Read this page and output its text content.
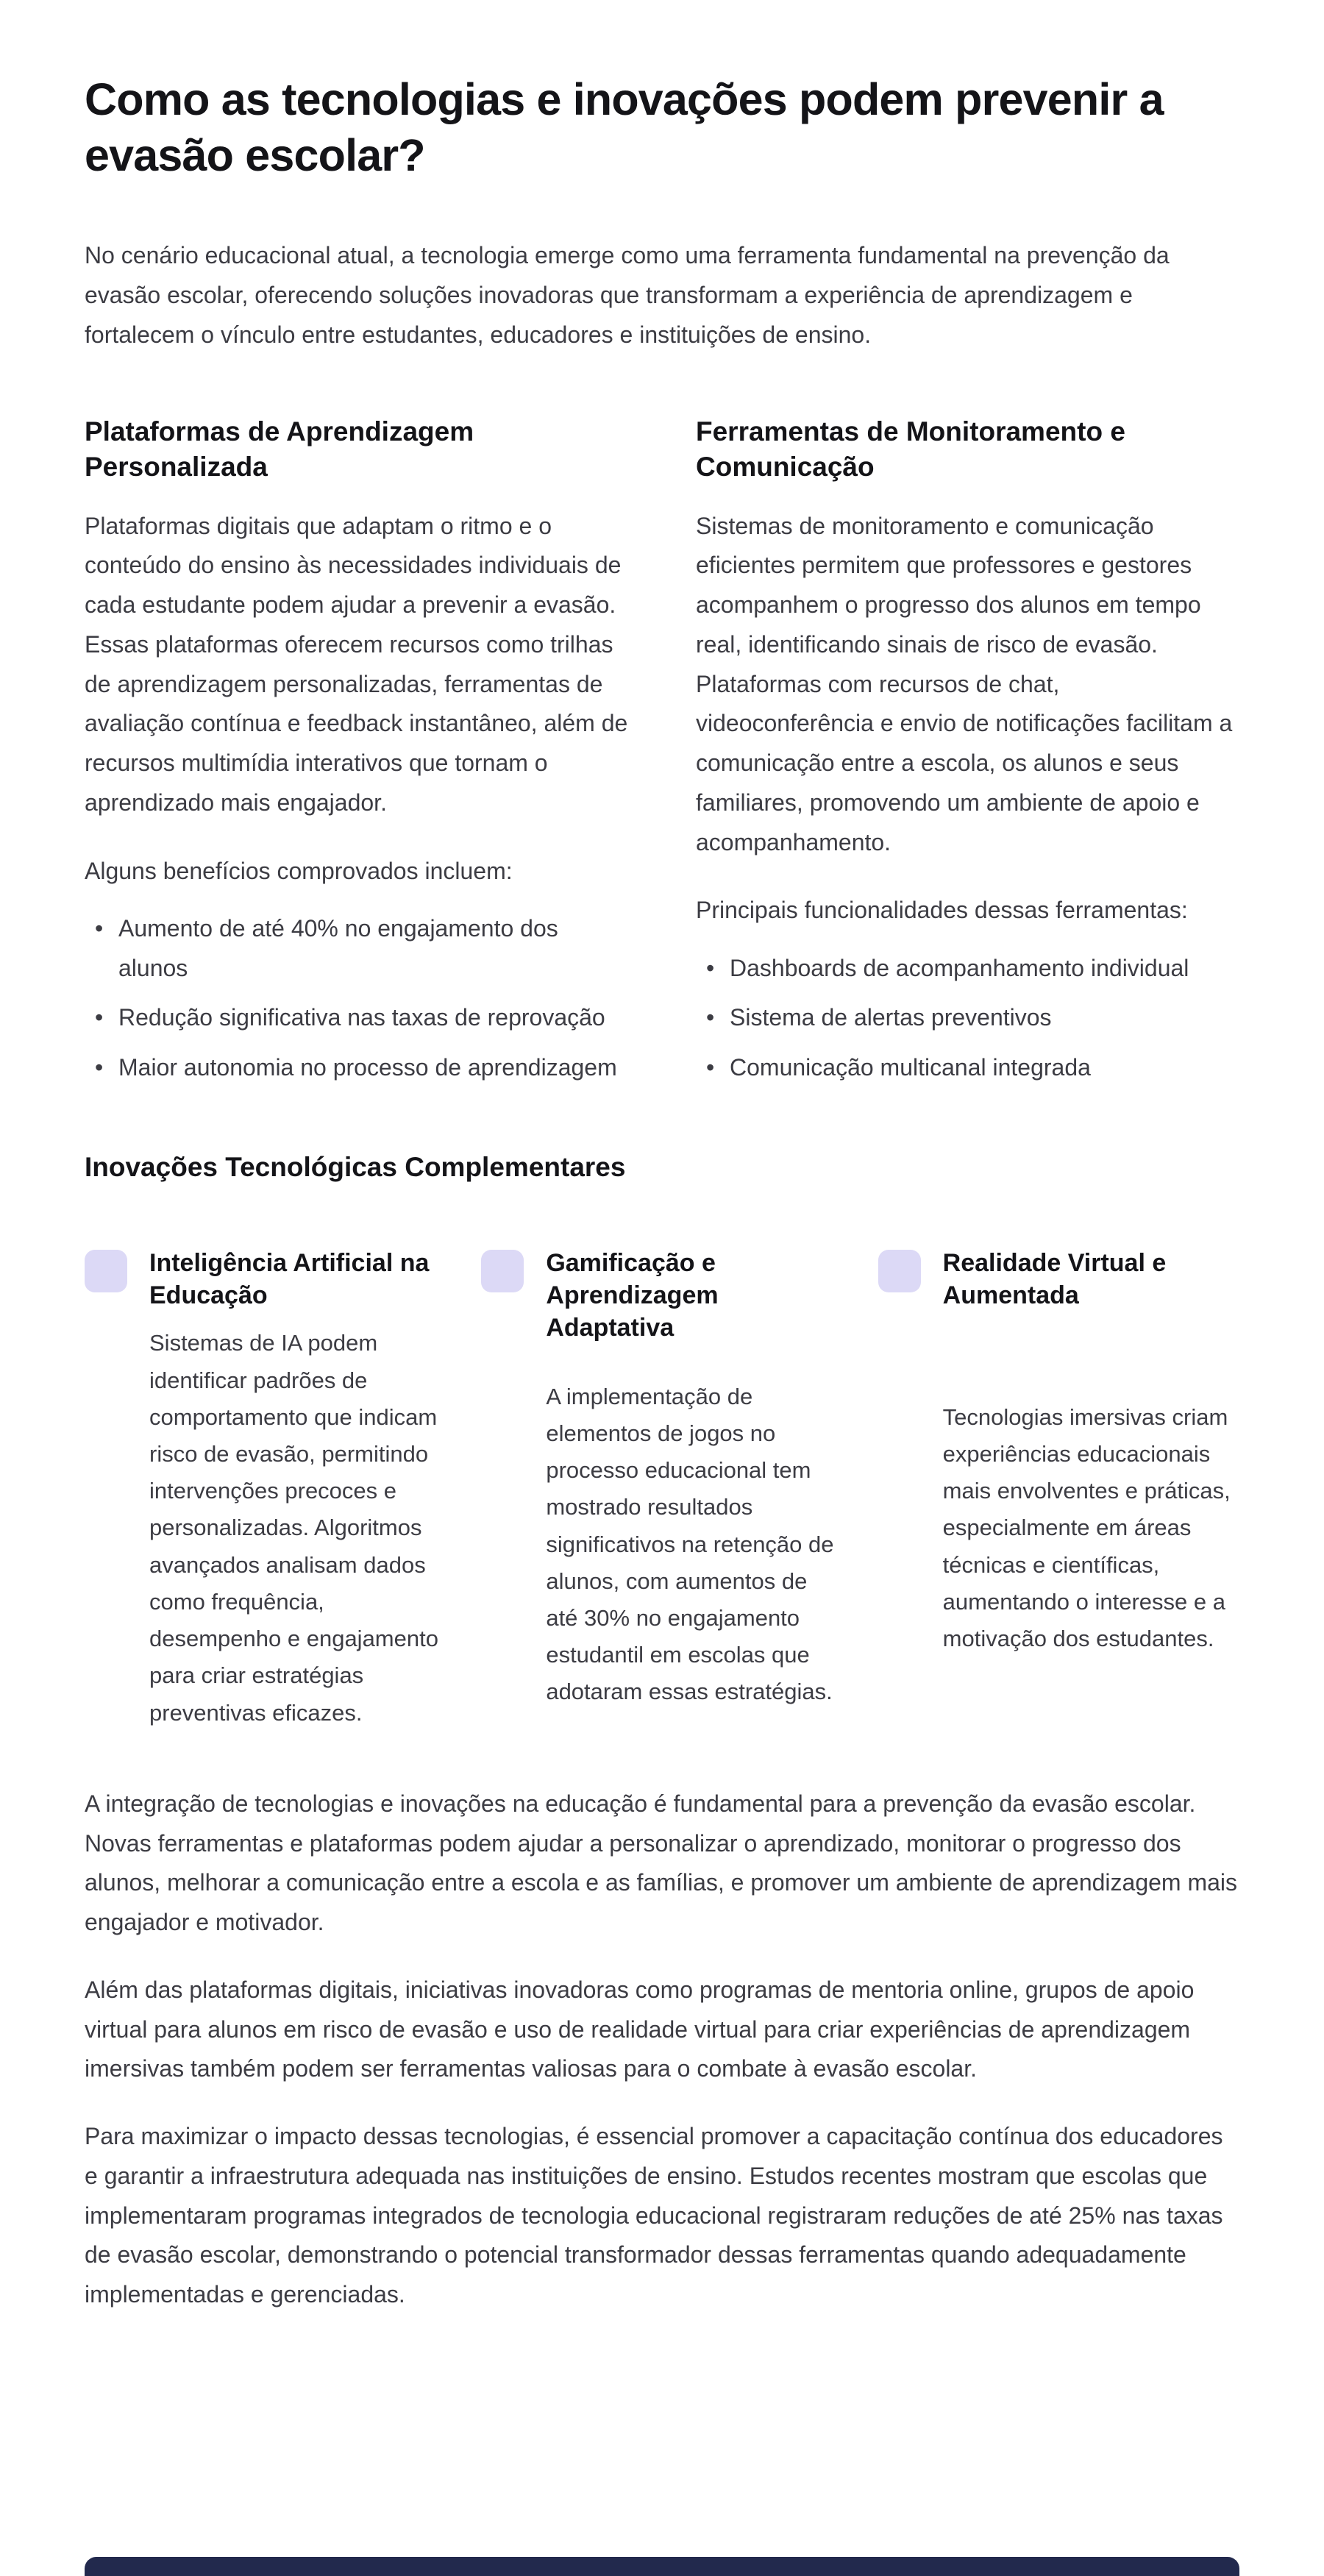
Como as tecnologias e inovações podem prevenir a evasão escolar?

No cenário educacional atual, a tecnologia emerge como uma ferramenta fundamental na prevenção da evasão escolar, oferecendo soluções inovadoras que transformam a experiência de aprendizagem e fortalecem o vínculo entre estudantes, educadores e instituições de ensino.

Plataformas de Aprendizagem Personalizada

Plataformas digitais que adaptam o ritmo e o conteúdo do ensino às necessidades individuais de cada estudante podem ajudar a prevenir a evasão. Essas plataformas oferecem recursos como trilhas de aprendizagem personalizadas, ferramentas de avaliação contínua e feedback instantâneo, além de recursos multimídia interativos que tornam o aprendizado mais engajador.

Alguns benefícios comprovados incluem:

• Aumento de até 40% no engajamento dos alunos
• Redução significativa nas taxas de reprovação
• Maior autonomia no processo de aprendizagem
Ferramentas de Monitoramento e Comunicação

Sistemas de monitoramento e comunicação eficientes permitem que professores e gestores acompanhem o progresso dos alunos em tempo real, identificando sinais de risco de evasão. Plataformas com recursos de chat, videoconferência e envio de notificações facilitam a comunicação entre a escola, os alunos e seus familiares, promovendo um ambiente de apoio e acompanhamento.

Principais funcionalidades dessas ferramentas:

• Dashboards de acompanhamento individual
• Sistema de alertas preventivos
• Comunicação multicanal integrada
Inovações Tecnológicas Complementares
Inteligência Artificial na Educação

Sistemas de IA podem identificar padrões de comportamento que indicam risco de evasão, permitindo intervenções precoces e personalizadas. Algoritmos avançados analisam dados como frequência, desempenho e engajamento para criar estratégias preventivas eficazes.

Gamificação e Aprendizagem Adaptativa

A implementação de elementos de jogos no processo educacional tem mostrado resultados significativos na retenção de alunos, com aumentos de até 30% no engajamento estudantil em escolas que adotaram essas estratégias.

Realidade Virtual e Aumentada

Tecnologias imersivas criam experiências educacionais mais envolventes e práticas, especialmente em áreas técnicas e científicas, aumentando o interesse e a motivação dos estudantes.

A integração de tecnologias e inovações na educação é fundamental para a prevenção da evasão escolar. Novas ferramentas e plataformas podem ajudar a personalizar o aprendizado, monitorar o progresso dos alunos, melhorar a comunicação entre a escola e as famílias, e promover um ambiente de aprendizagem mais engajador e motivador.

Além das plataformas digitais, iniciativas inovadoras como programas de mentoria online, grupos de apoio virtual para alunos em risco de evasão e uso de realidade virtual para criar experiências de aprendizagem imersivas também podem ser ferramentas valiosas para o combate à evasão escolar.

Para maximizar o impacto dessas tecnologias, é essencial promover a capacitação contínua dos educadores e garantir a infraestrutura adequada nas instituições de ensino. Estudos recentes mostram que escolas que implementaram programas integrados de tecnologia educacional registraram reduções de até 25% nas taxas de evasão escolar, demonstrando o potencial transformador dessas ferramentas quando adequadamente implementadas e gerenciadas.
